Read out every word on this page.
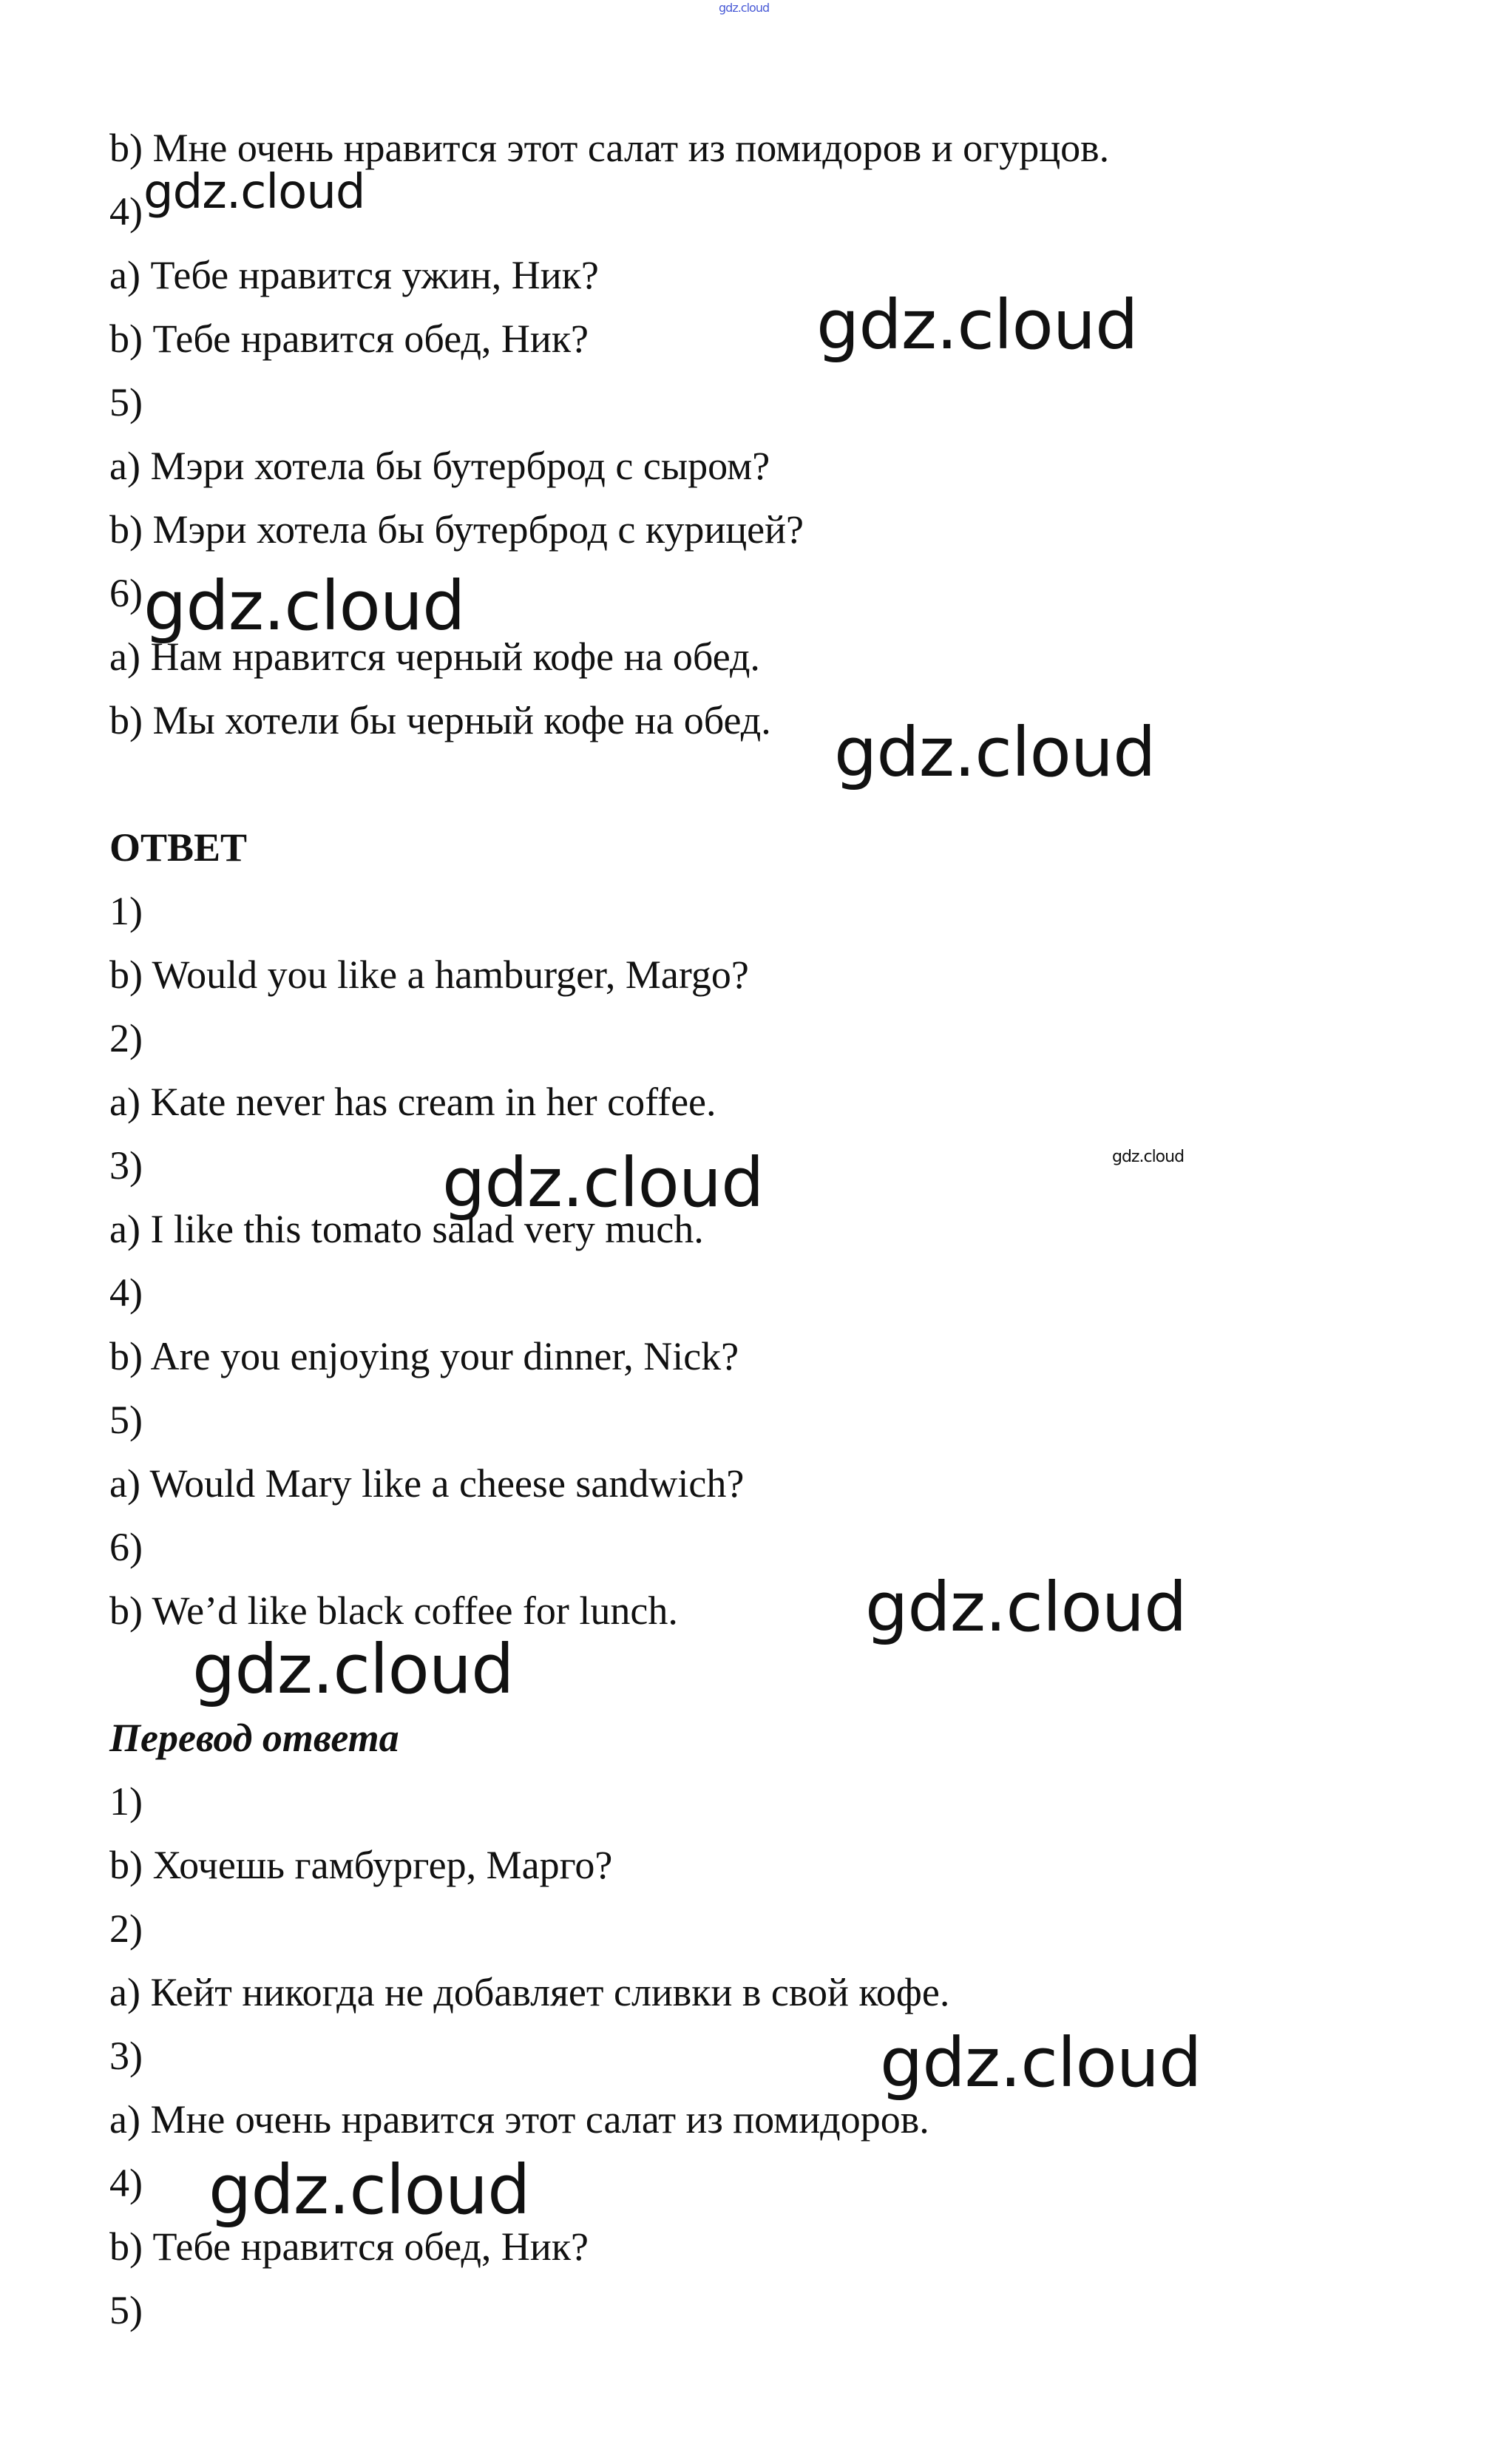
b) Мне очень нравится этот салат из помидоров и огурцов.
4)
a) Тебе нравится ужин, Ник?
b) Тебе нравится обед, Ник?
5)
a) Мэри хотела бы бутерброд с сыром?
b) Мэри хотела бы бутерброд с курицей?
6)
a) Нам нравится черный кофе на обед.
b) Мы хотели бы черный кофе на обед.
ОТВЕТ
1)
b) Would you like a hamburger, Margo?
2)
a) Kate never has cream in her coffee.
3)
a) I like this tomato salad very much.
4)
b) Are you enjoying your dinner, Nick?
5)
a) Would Mary like a cheese sandwich?
6)
b) We’d like black coffee for lunch.
Перевод ответа
1)
b) Хочешь гамбургер, Марго?
2)
a) Кейт никогда не добавляет сливки в свой кофе.
3)
a) Мне очень нравится этот салат из помидоров.
4)
b) Тебе нравится обед, Ник?
5)
gdz.cloud
gdz.cloud
gdz.cloud
gdz.cloud
gdz.cloud
gdz.cloud	gdz.cloud
gdz.cloud
gdz.cloud
gdz.cloud
gdz.cloud
